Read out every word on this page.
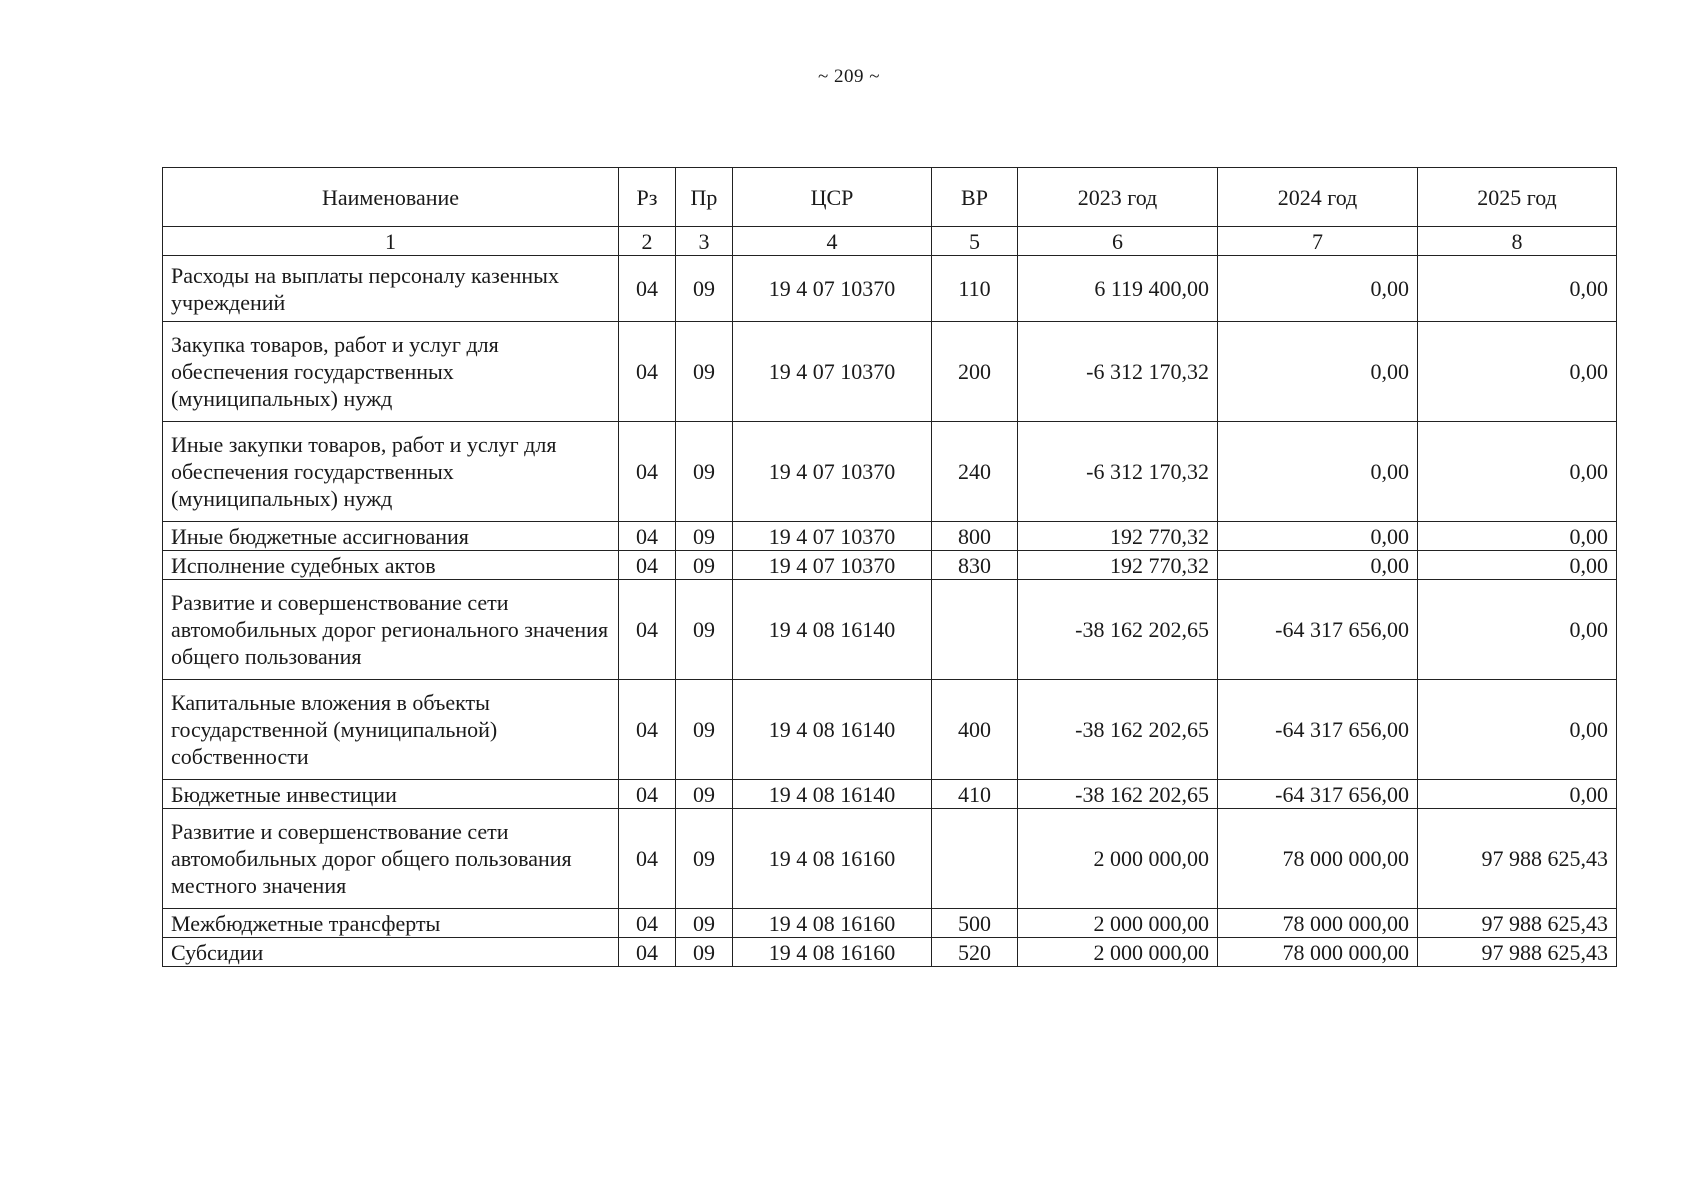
~ 209 ~
Наименование	Рз	Пр	ЦСР	ВР	2023 год	2024 год	2025 год
1	2	3	4	5	6	7	8
Расходы на выплаты персоналу казенных учреждений	04	09	19 4 07 10370	110	6 119 400,00	0,00	0,00
Закупка товаров, работ и услуг для обеспечения государственных (муниципальных) нужд	04	09	19 4 07 10370	200	-6 312 170,32	0,00	0,00
Иные закупки товаров, работ и услуг для обеспечения государственных (муниципальных) нужд	04	09	19 4 07 10370	240	-6 312 170,32	0,00	0,00
Иные бюджетные ассигнования	04	09	19 4 07 10370	800	192 770,32	0,00	0,00
Исполнение судебных актов	04	09	19 4 07 10370	830	192 770,32	0,00	0,00
Развитие и совершенствование сети автомобильных дорог регионального значения общего пользования	04	09	19 4 08 16140		-38 162 202,65	-64 317 656,00	0,00
Капитальные вложения в объекты государственной (муниципальной) собственности	04	09	19 4 08 16140	400	-38 162 202,65	-64 317 656,00	0,00
Бюджетные инвестиции	04	09	19 4 08 16140	410	-38 162 202,65	-64 317 656,00	0,00
Развитие и совершенствование сети автомобильных дорог общего пользования местного значения	04	09	19 4 08 16160		2 000 000,00	78 000 000,00	97 988 625,43
Межбюджетные трансферты	04	09	19 4 08 16160	500	2 000 000,00	78 000 000,00	97 988 625,43
Субсидии	04	09	19 4 08 16160	520	2 000 000,00	78 000 000,00	97 988 625,43
